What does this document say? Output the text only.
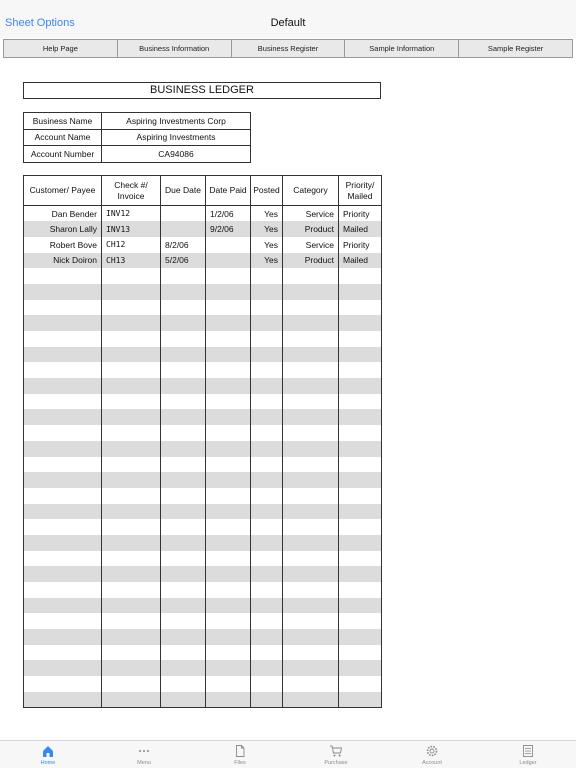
Sheet Options	Default
Help Page	Business Information	Business Register	Sample Information	Sample Register
BUSINESS LEDGER
Business Name	Aspiring Investments Corp
Account Name	Aspiring Investments
Account Number	CA94086
Customer/ Payee	Check #/ Invoice	Due Date	Date Paid	Posted	Category	Priority/ Mailed
Dan Bender	INV12		1/2/06	Yes	Service	Priority
Sharon Lally	INV13		9/2/06	Yes	Product	Mailed
Robert Bove	CH12	8/2/06		Yes	Service	Priority
Nick Doiron	CH13	5/2/06		Yes	Product	Mailed

Home	Menu	Files	Purchase	Account	Ledger
